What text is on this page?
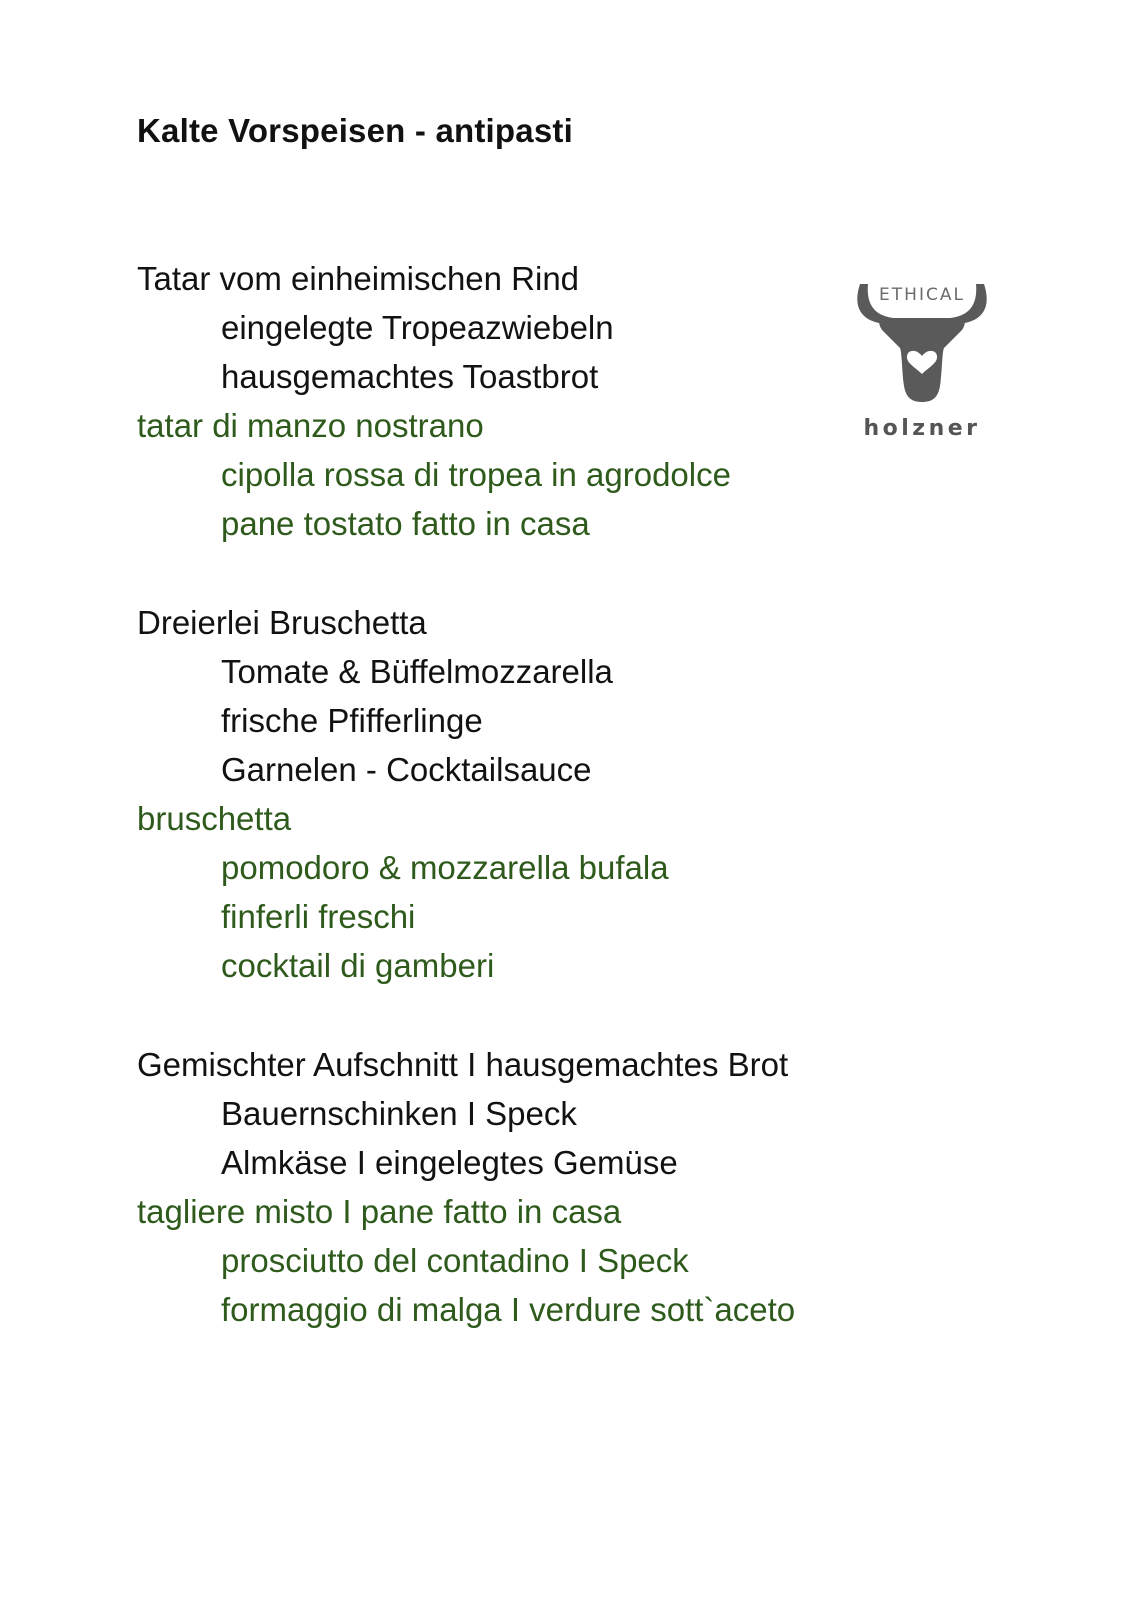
Kalte Vorspeisen - antipasti
ETHICAL
holzner
Tatar vom einheimischen Rind
eingelegte Tropeazwiebeln
hausgemachtes Toastbrot
tatar di manzo nostrano
cipolla rossa di tropea in agrodolce
pane tostato fatto in casa
Dreierlei Bruschetta
Tomate & Büffelmozzarella
frische Pfifferlinge
Garnelen - Cocktailsauce
bruschetta
pomodoro & mozzarella bufala
finferli freschi
cocktail di gamberi
Gemischter Aufschnitt I hausgemachtes Brot
Bauernschinken I Speck
Almkäse I eingelegtes Gemüse
tagliere misto I pane fatto in casa
prosciutto del contadino I Speck
formaggio di malga I verdure sott`aceto
